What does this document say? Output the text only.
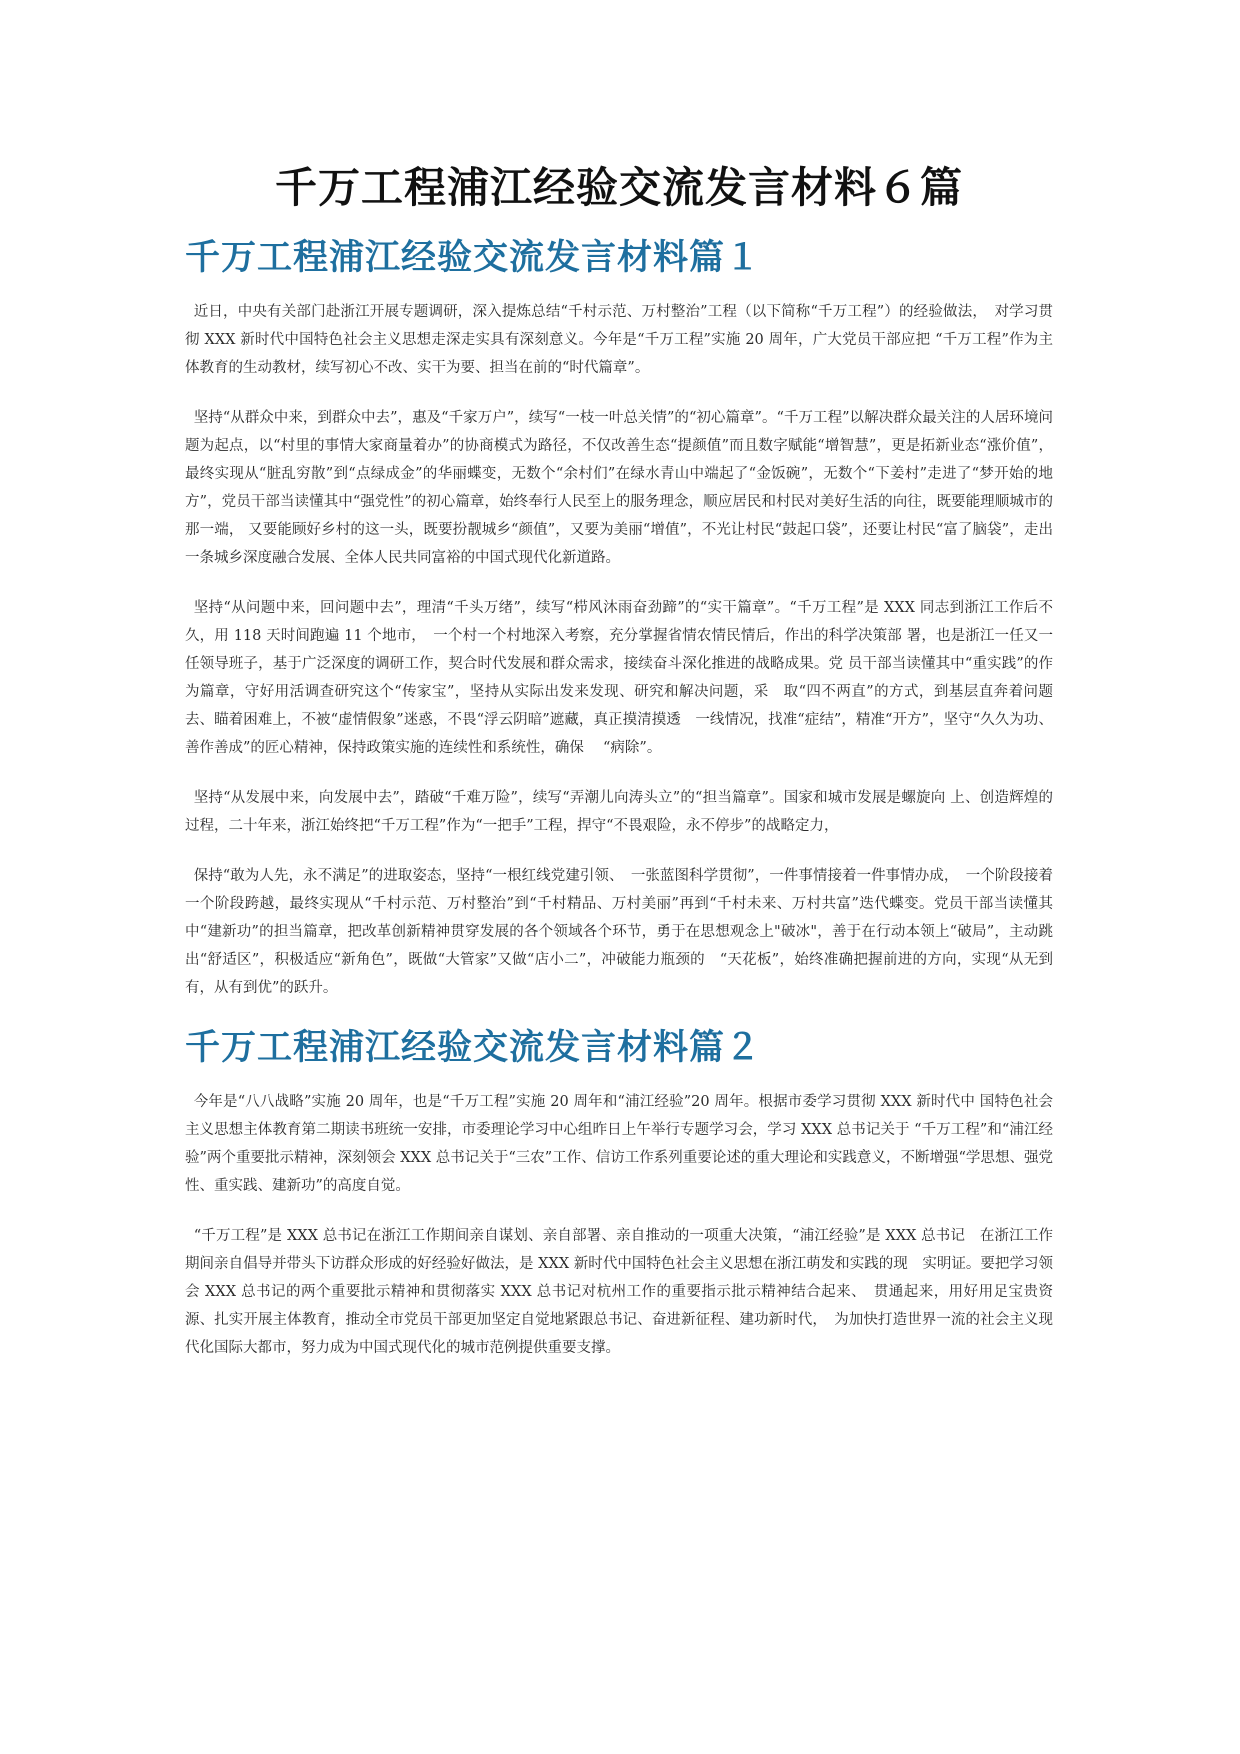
千万工程浦江经验交流发言材料６篇
千万工程浦江经验交流发言材料篇１

近日，中央有关部门赴浙江开展专题调研，深入提炼总结“千村示范、万村整治”工程（以下简称“千万工程”）的经验做法，　对学习贯彻 XXX 新时代中国特色社会主义思想走深走实具有深刻意义。今年是“千万工程”实施 20 周年，广大党员干部应把 “千万工程”作为主体教育的生动教材，续写初心不改、实干为要、担当在前的“时代篇章”。

坚持“从群众中来，到群众中去”，惠及“千家万户”，续写“一枝一叶总关情”的“初心篇章”。“千万工程”以解决群众最关注的人居环境问题为起点，以“村里的事情大家商量着办”的协商模式为路径，不仅改善生态“提颜值”而且数字赋能“增智慧”，更是拓新业态“涨价值”，最终实现从“脏乱穷散”到“点绿成金”的华丽蝶变，无数个“余村们”在绿水青山中端起了“金饭碗”，无数个“下姜村”走进了“梦开始的地方”，党员干部当读懂其中“强党性”的初心篇章，始终奉行人民至上的服务理念，顺应居民和村民对美好生活的向往，既要能理顺城市的那一端， 又要能顾好乡村的这一头，既要扮靓城乡“颜值”，又要为美丽“增值”，不光让村民“鼓起口袋”，还要让村民“富了脑袋”，走出一条城乡深度融合发展、全体人民共同富裕的中国式现代化新道路。

坚持“从问题中来，回问题中去”，理清“千头万绪”，续写“栉风沐雨奋劲蹄”的“实干篇章”。“千万工程”是 XXX 同志到浙江工作后不久，用 118 天时间跑遍 11 个地市，　一个村一个村地深入考察，充分掌握省情农情民情后，作出的科学决策部 署，也是浙江一任又一任领导班子，基于广泛深度的调研工作，契合时代发展和群众需求，接续奋斗深化推进的战略成果。党 员干部当读懂其中“重实践”的作为篇章，守好用活调查研究这个“传家宝”，坚持从实际出发来发现、研究和解决问题，采　取“四不两直”的方式，到基层直奔着问题去、瞄着困难上，不被“虚情假象”迷惑，不畏“浮云阴暗”遮藏，真正摸清摸透　一线情况，找准“症结”，精准“开方”，坚守“久久为功、善作善成”的匠心精神，保持政策实施的连续性和系统性，确保 　“病除”。

坚持“从发展中来，向发展中去”，踏破“千难万险”，续写“弄潮儿向涛头立”的“担当篇章”。国家和城市发展是螺旋向 上、创造辉煌的过程，二十年来，浙江始终把“千万工程”作为“一把手”工程，捍守“不畏艰险，永不停步”的战略定力，

保持“敢为人先，永不满足”的进取姿态，坚持“一根红线党建引领、　一张蓝图科学贯彻”，一件事情接着一件事情办成，　一个阶段接着一个阶段跨越，最终实现从“千村示范、万村整治”到“千村精品、万村美丽”再到“千村未来、万村共富”迭代蝶变。党员干部当读懂其中“建新功”的担当篇章，把改革创新精神贯穿发展的各个领域各个环节，勇于在思想观念上"破冰"，善于在行动本领上“破局”，主动跳出“舒适区”，积极适应“新角色”，既做“大管家”又做“店小二”，冲破能力瓶颈的　“天花板”，始终准确把握前进的方向，实现“从无到有，从有到优”的跃升。

千万工程浦江经验交流发言材料篇２

今年是“八八战略”实施 20 周年，也是“千万工程”实施 20 周年和“浦江经验”20 周年。根据市委学习贯彻 XXX 新时代中 国特色社会主义思想主体教育第二期读书班统一安排，市委理论学习中心组昨日上午举行专题学习会，学习 XXX 总书记关于 “千万工程”和“浦江经验”两个重要批示精神，深刻领会 XXX 总书记关于“三农”工作、信访工作系列重要论述的重大理论和实践意义，不断增强“学思想、强党性、重实践、建新功”的高度自觉。

“千万工程”是 XXX 总书记在浙江工作期间亲自谋划、亲自部署、亲自推动的一项重大决策，“浦江经验”是 XXX 总书记　在浙江工作期间亲自倡导并带头下访群众形成的好经验好做法，是 XXX 新时代中国特色社会主义思想在浙江萌发和实践的现　实明证。要把学习领会 XXX 总书记的两个重要批示精神和贯彻落实 XXX 总书记对杭州工作的重要指示批示精神结合起来、　贯通起来，用好用足宝贵资源、扎实开展主体教育，推动全市党员干部更加坚定自觉地紧跟总书记、奋进新征程、建功新时代，　为加快打造世界一流的社会主义现代化国际大都市，努力成为中国式现代化的城市范例提供重要支撑。
